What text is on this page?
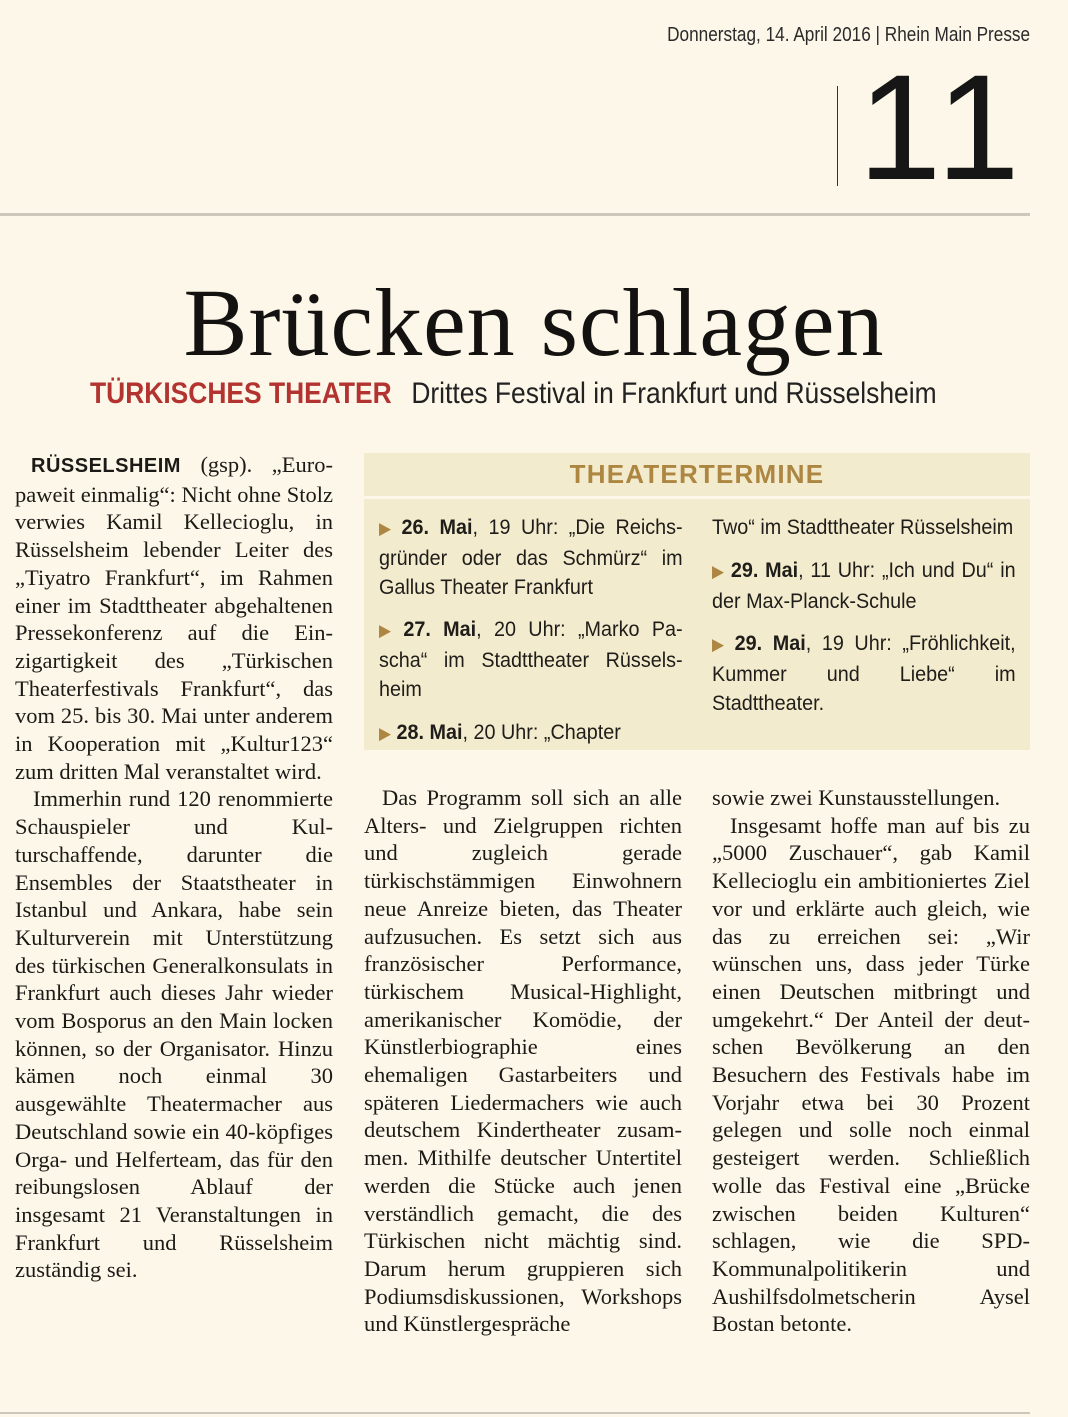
Donnerstag, 14. April 2016 | Rhein Main Presse
11
Brücken schlagen
TÜRKISCHES THEATER Drittes Festival in Frankfurt und Rüsselsheim

RÜSSELSHEIM (gsp). „Europaweit einmalig“: Nicht ohne Stolz verwies Kamil Kellecioglu, in Rüsselsheim lebender Leiter des „Tiyatro Frankfurt“, im Rahmen einer im Stadttheater abgehaltenen Pressekonferenz auf die Einzigartigkeit des „Türkischen Theaterfestivals Frankfurt“, das vom 25. bis 30. Mai unter anderem in Kooperation mit „Kultur123“ zum dritten Mal veranstaltet wird.

Immerhin rund 120 renommierte Schauspieler und Kulturschaffende, darunter die Ensembles der Staatstheater in Istanbul und Ankara, habe sein Kulturverein mit Unterstützung des türkischen Generalkonsulats in Frankfurt auch dieses Jahr wieder vom Bosporus an den Main locken können, so der Organisator. Hinzu kämen noch einmal 30 ausgewählte Theatermacher aus Deutschland sowie ein 40-köpfiges Orga- und Helferteam, das für den reibungslosen Ablauf der insgesamt 21 Veranstaltungen in Frankfurt und Rüsselsheim zuständig sei.

THEATERTERMINE
▶ 26. Mai, 19 Uhr: „Die Reichsgründer oder das Schmürz“ im Gallus Theater Frankfurt
▶ 27. Mai, 20 Uhr: „Marko Pascha“ im Stadttheater Rüsselsheim
▶ 28. Mai, 20 Uhr: „Chapter
Two“ im Stadttheater Rüsselsheim
▶ 29. Mai, 11 Uhr: „Ich und Du“ in der Max-Planck-Schule
▶ 29. Mai, 19 Uhr: „Fröhlichkeit, Kummer und Liebe“ im Stadttheater.

Das Programm soll sich an alle Alters- und Zielgruppen richten und zugleich gerade türkischstämmigen Einwohnern neue Anreize bieten, das Theater aufzusuchen. Es setzt sich aus französischer Performance, türkischem Musical-Highlight, amerikanischer Komödie, der Künstlerbiographie eines ehemaligen Gastarbeiters und späteren Liedermachers wie auch deutschem Kindertheater zusammen. Mithilfe deutscher Untertitel werden die Stücke auch jenen verständlich gemacht, die des Türkischen nicht mächtig sind. Darum herum gruppieren sich Podiumsdiskussionen, Workshops und Künstlergespräche

sowie zwei Kunstausstellungen.

Insgesamt hoffe man auf bis zu „5000 Zuschauer“, gab Kamil Kellecioglu ein ambitioniertes Ziel vor und erklärte auch gleich, wie das zu erreichen sei: „Wir wünschen uns, dass jeder Türke einen Deutschen mitbringt und umgekehrt.“ Der Anteil der deutschen Bevölkerung an den Besuchern des Festivals habe im Vorjahr etwa bei 30 Prozent gelegen und solle noch einmal gesteigert werden. Schließlich wolle das Festival eine „Brücke zwischen beiden Kulturen“ schlagen, wie die SPD-Kommunalpolitikerin und Aushilfsdolmetscherin Aysel Bostan betonte.
